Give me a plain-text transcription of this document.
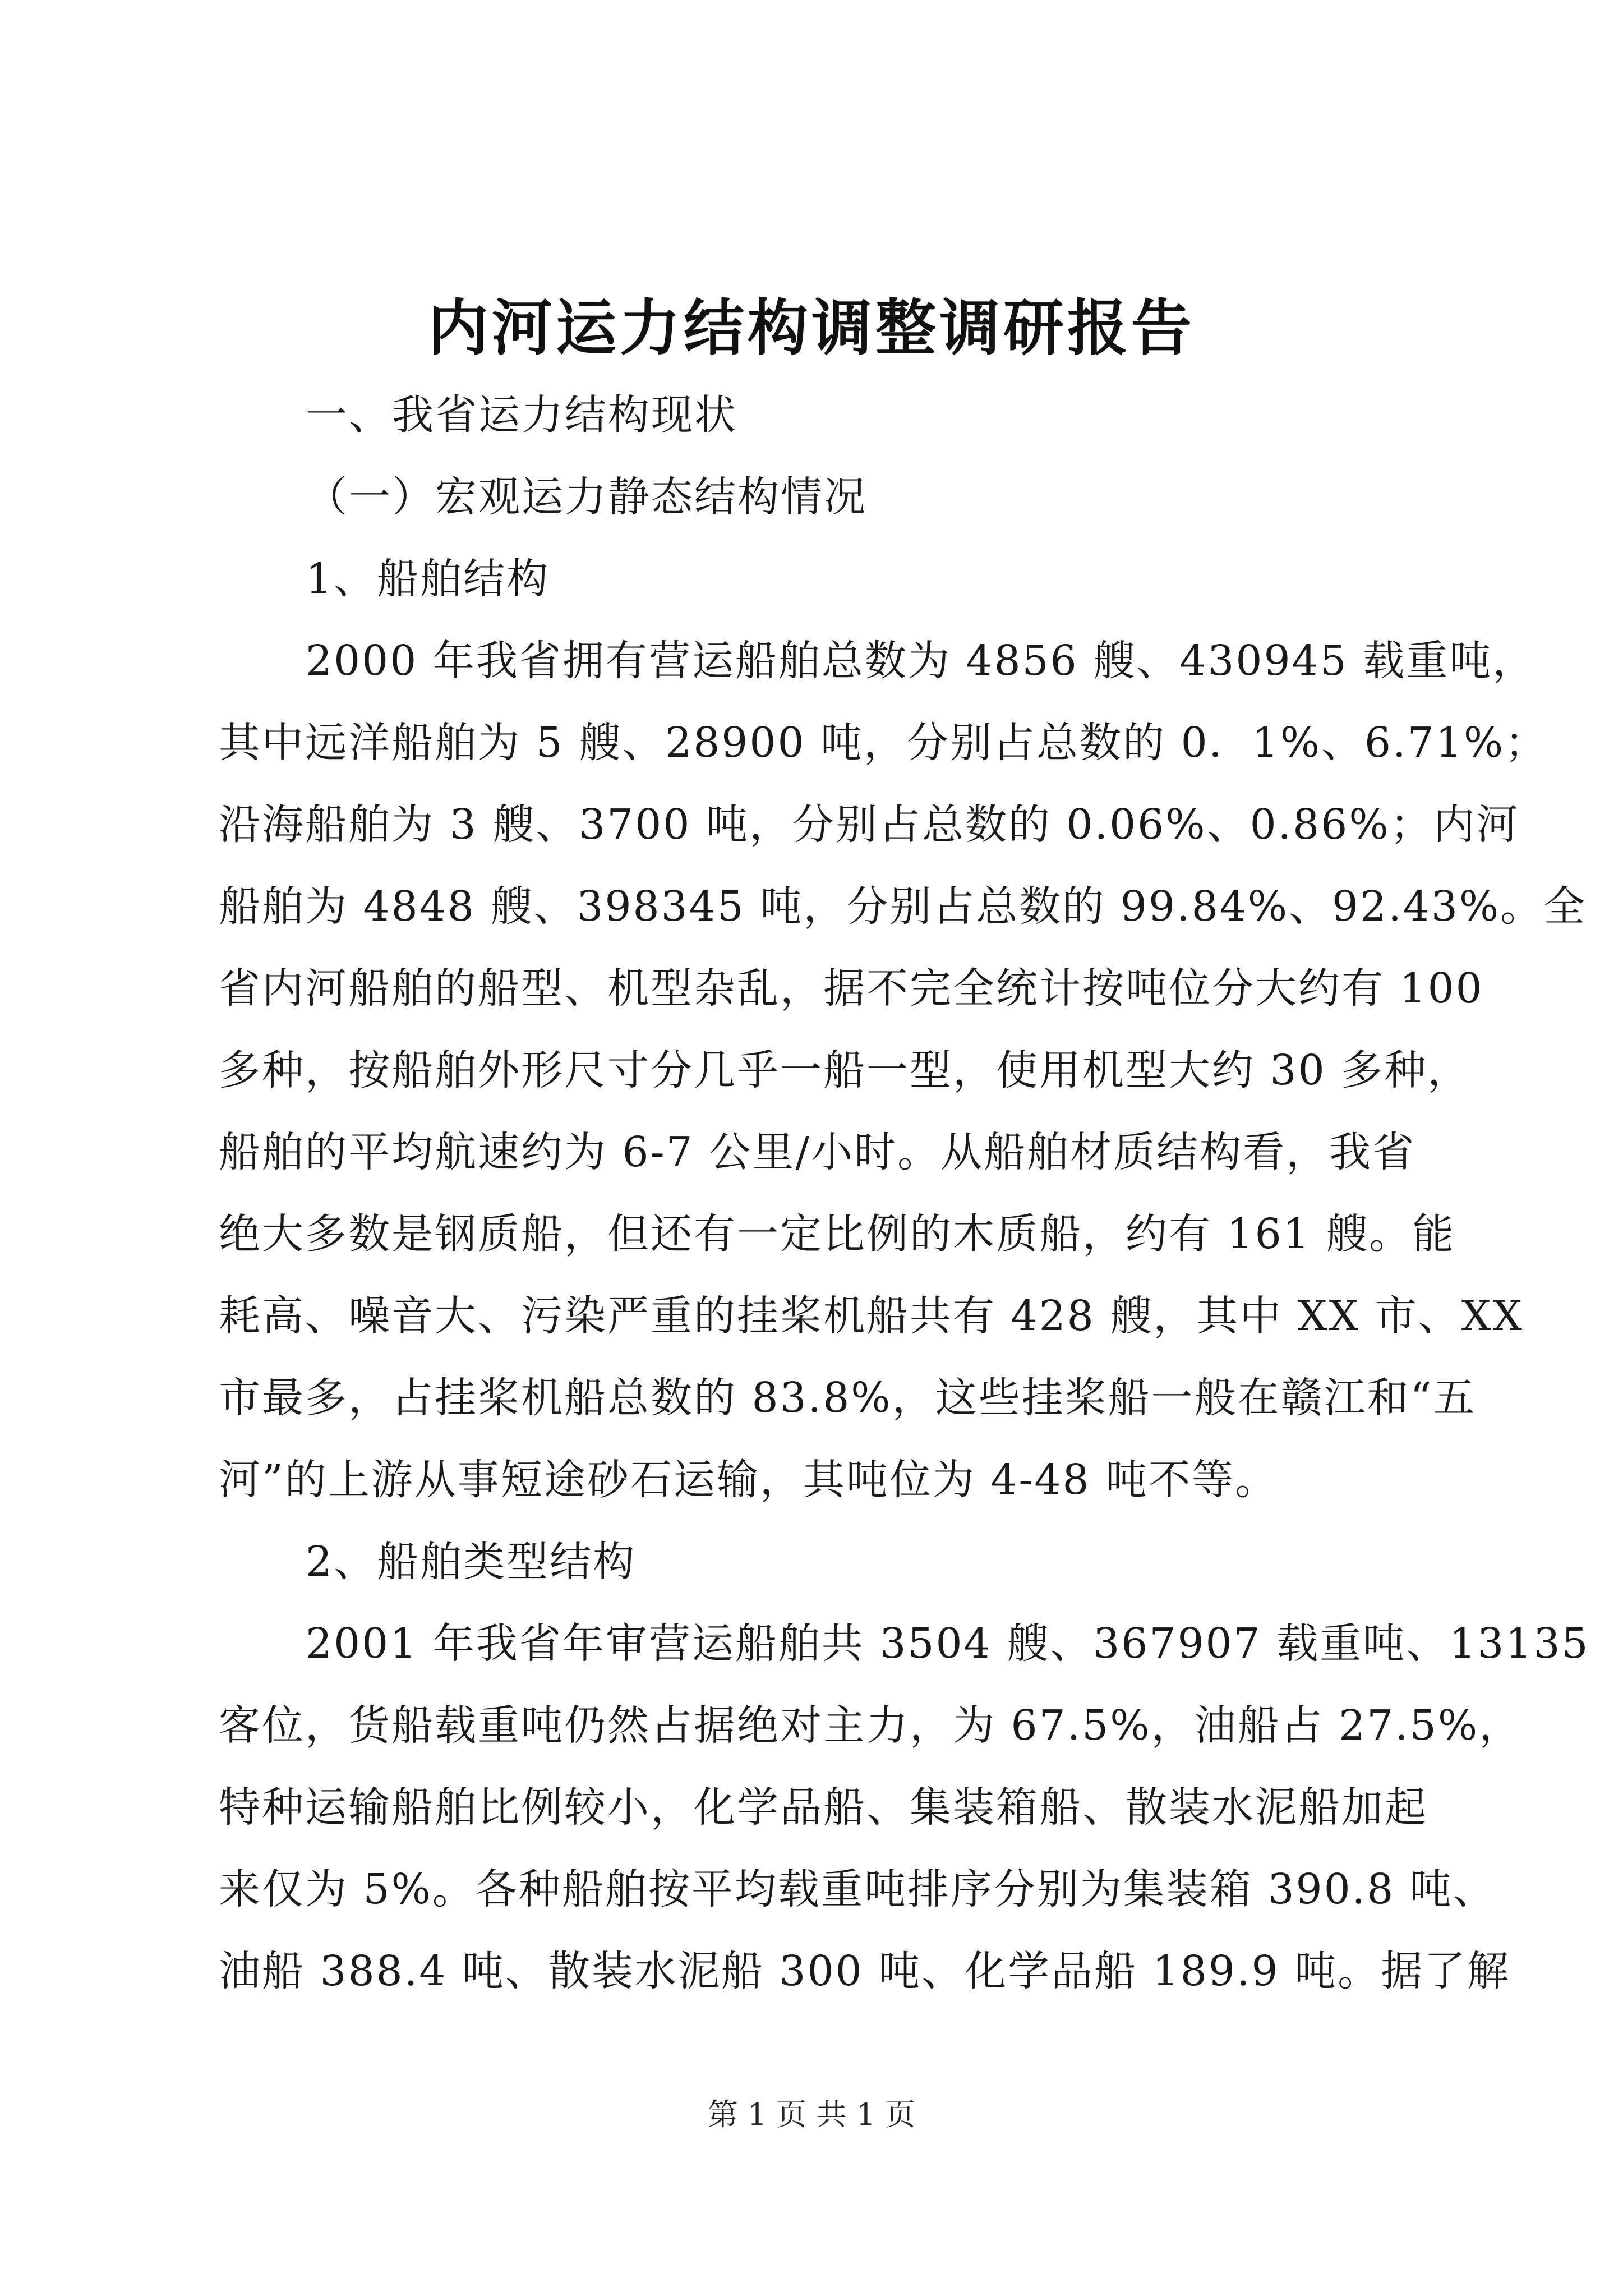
内河运力结构调整调研报告

一、我省运力结构现状

（一）宏观运力静态结构情况

1、船舶结构

2000 年我省拥有营运船舶总数为 4856 艘、430945 载重吨，

其中远洋船舶为 5 艘、28900 吨，分别占总数的 0．1%、6.71%；

沿海船舶为 3 艘、3700 吨，分别占总数的 0.06%、0.86%；内河

船舶为 4848 艘、398345 吨，分别占总数的 99.84%、92.43%。全

省内河船舶的船型、机型杂乱，据不完全统计按吨位分大约有 100

多种，按船舶外形尺寸分几乎一船一型，使用机型大约 30 多种，

船舶的平均航速约为 6-7 公里/小时。从船舶材质结构看，我省

绝大多数是钢质船，但还有一定比例的木质船，约有 161 艘。能

耗高、噪音大、污染严重的挂桨机船共有 428 艘，其中 XX 市、XX

市最多，占挂桨机船总数的 83.8%，这些挂桨船一般在赣江和“五

河”的上游从事短途砂石运输，其吨位为 4-48 吨不等。

2、船舶类型结构

2001 年我省年审营运船舶共 3504 艘、367907 载重吨、13135

客位，货船载重吨仍然占据绝对主力，为 67.5%，油船占 27.5%，

特种运输船舶比例较小，化学品船、集装箱船、散装水泥船加起

来仅为 5%。各种船舶按平均载重吨排序分别为集装箱 390.8 吨、

油船 388.4 吨、散装水泥船 300 吨、化学品船 189.9 吨。据了解

第 1 页 共 1 页
